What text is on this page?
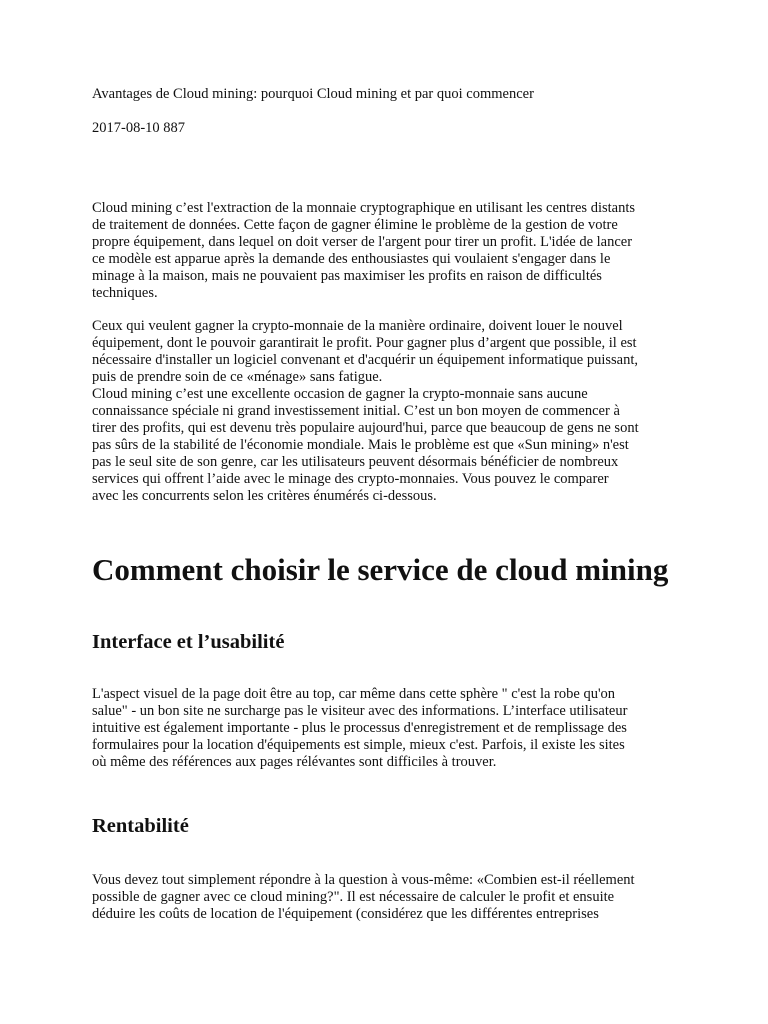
Avantages de Cloud mining: pourquoi Cloud mining et par quoi commencer
2017-08-10 887

Cloud mining c’est l'extraction de la monnaie cryptographique en utilisant les centres distants
de traitement de données. Cette façon de gagner élimine le problème de la gestion de votre
propre équipement, dans lequel on doit verser de l'argent pour tirer un profit. L'idée de lancer
ce modèle est apparue après la demande des enthousiastes qui voulaient s'engager dans le
minage à la maison, mais ne pouvaient pas maximiser les profits en raison de difficultés
techniques.

Ceux qui veulent gagner la crypto-monnaie de la manière ordinaire, doivent louer le nouvel
équipement, dont le pouvoir garantirait le profit. Pour gagner plus d’argent que possible, il est
nécessaire d'installer un logiciel convenant et d'acquérir un équipement informatique puissant,
puis de prendre soin de ce «ménage» sans fatigue.
Cloud mining c’est une excellente occasion de gagner la crypto-monnaie sans aucune
connaissance spéciale ni grand investissement initial. C’est un bon moyen de commencer à
tirer des profits, qui est devenu très populaire aujourd'hui, parce que beaucoup de gens ne sont
pas sûrs de la stabilité de l'économie mondiale. Mais le problème est que «Sun mining» n'est
pas le seul site de son genre, car les utilisateurs peuvent désormais bénéficier de nombreux
services qui offrent l’aide avec le minage des crypto-monnaies. Vous pouvez le comparer
avec les concurrents selon les critères énumérés ci-dessous.

Comment choisir le service de cloud mining
Interface et l’usabilité

L'aspect visuel de la page doit être au top, car même dans cette sphère " c'est la robe qu'on
salue" - un bon site ne surcharge pas le visiteur avec des informations. L’interface utilisateur
intuitive est également importante - plus le processus d'enregistrement et de remplissage des
formulaires pour la location d'équipements est simple, mieux c'est. Parfois, il existe les sites
où même des références aux pages rélévantes sont difficiles à trouver.

Rentabilité

Vous devez tout simplement répondre à la question à vous-même: «Combien est-il réellement
possible de gagner avec ce cloud mining?". Il est nécessaire de calculer le profit et ensuite
déduire les coûts de location de l'équipement (considérez que les différentes entreprises
